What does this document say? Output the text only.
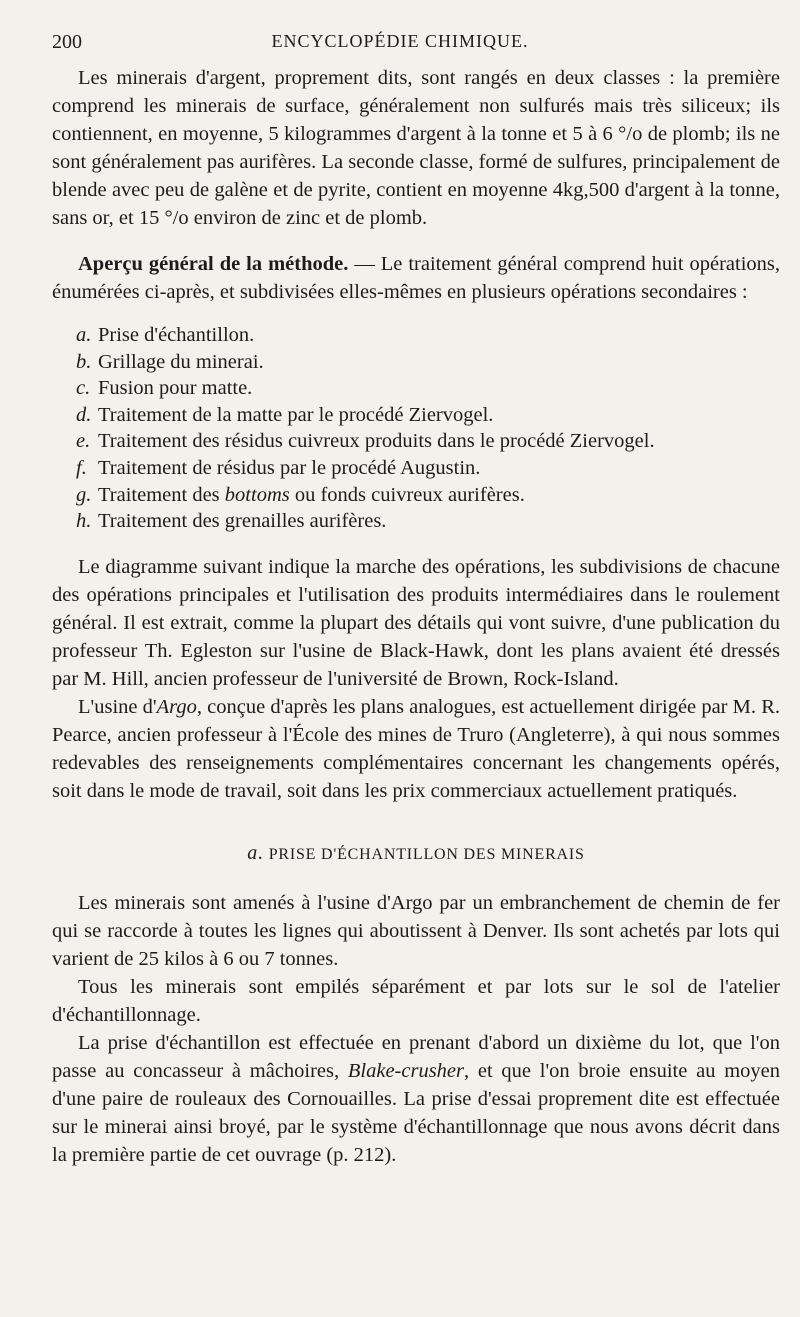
200	ENCYCLOPÉDIE CHIMIQUE.

Les minerais d'argent, proprement dits, sont rangés en deux classes : la première comprend les minerais de surface, généralement non sulfurés mais très siliceux; ils contiennent, en moyenne, 5 kilogrammes d'argent à la tonne et 5 à 6 °/o de plomb; ils ne sont généralement pas aurifères. La seconde classe, formé de sulfures, principalement de blende avec peu de galène et de pyrite, contient en moyenne 4kg,500 d'argent à la tonne, sans or, et 15 °/o environ de zinc et de plomb.

Aperçu général de la méthode. — Le traitement général comprend huit opérations, énumérées ci-après, et subdivisées elles-mêmes en plusieurs opérations secondaires :

a. Prise d'échantillon.
b. Grillage du minerai.
c. Fusion pour matte.
d. Traitement de la matte par le procédé Ziervogel.
e. Traitement des résidus cuivreux produits dans le procédé Ziervogel.
f. Traitement de résidus par le procédé Augustin.
g. Traitement des bottoms ou fonds cuivreux aurifères.
h. Traitement des grenailles aurifères.

Le diagramme suivant indique la marche des opérations, les subdivisions de chacune des opérations principales et l'utilisation des produits intermédiaires dans le roulement général. Il est extrait, comme la plupart des détails qui vont suivre, d'une publication du professeur Th. Egleston sur l'usine de Black-Hawk, dont les plans avaient été dressés par M. Hill, ancien professeur de l'université de Brown, Rock-Island.

L'usine d'Argo, conçue d'après les plans analogues, est actuellement dirigée par M. R. Pearce, ancien professeur à l'École des mines de Truro (Angleterre), à qui nous sommes redevables des renseignements complémentaires concernant les changements opérés, soit dans le mode de travail, soit dans les prix commerciaux actuellement pratiqués.

a. PRISE D'ÉCHANTILLON DES MINERAIS

Les minerais sont amenés à l'usine d'Argo par un embranchement de chemin de fer qui se raccorde à toutes les lignes qui aboutissent à Denver. Ils sont achetés par lots qui varient de 25 kilos à 6 ou 7 tonnes.

Tous les minerais sont empilés séparément et par lots sur le sol de l'atelier d'échantillonnage.

La prise d'échantillon est effectuée en prenant d'abord un dixième du lot, que l'on passe au concasseur à mâchoires, Blake-crusher, et que l'on broie ensuite au moyen d'une paire de rouleaux des Cornouailles. La prise d'essai proprement dite est effectuée sur le minerai ainsi broyé, par le système d'échantillonnage que nous avons décrit dans la première partie de cet ouvrage (p. 212).
